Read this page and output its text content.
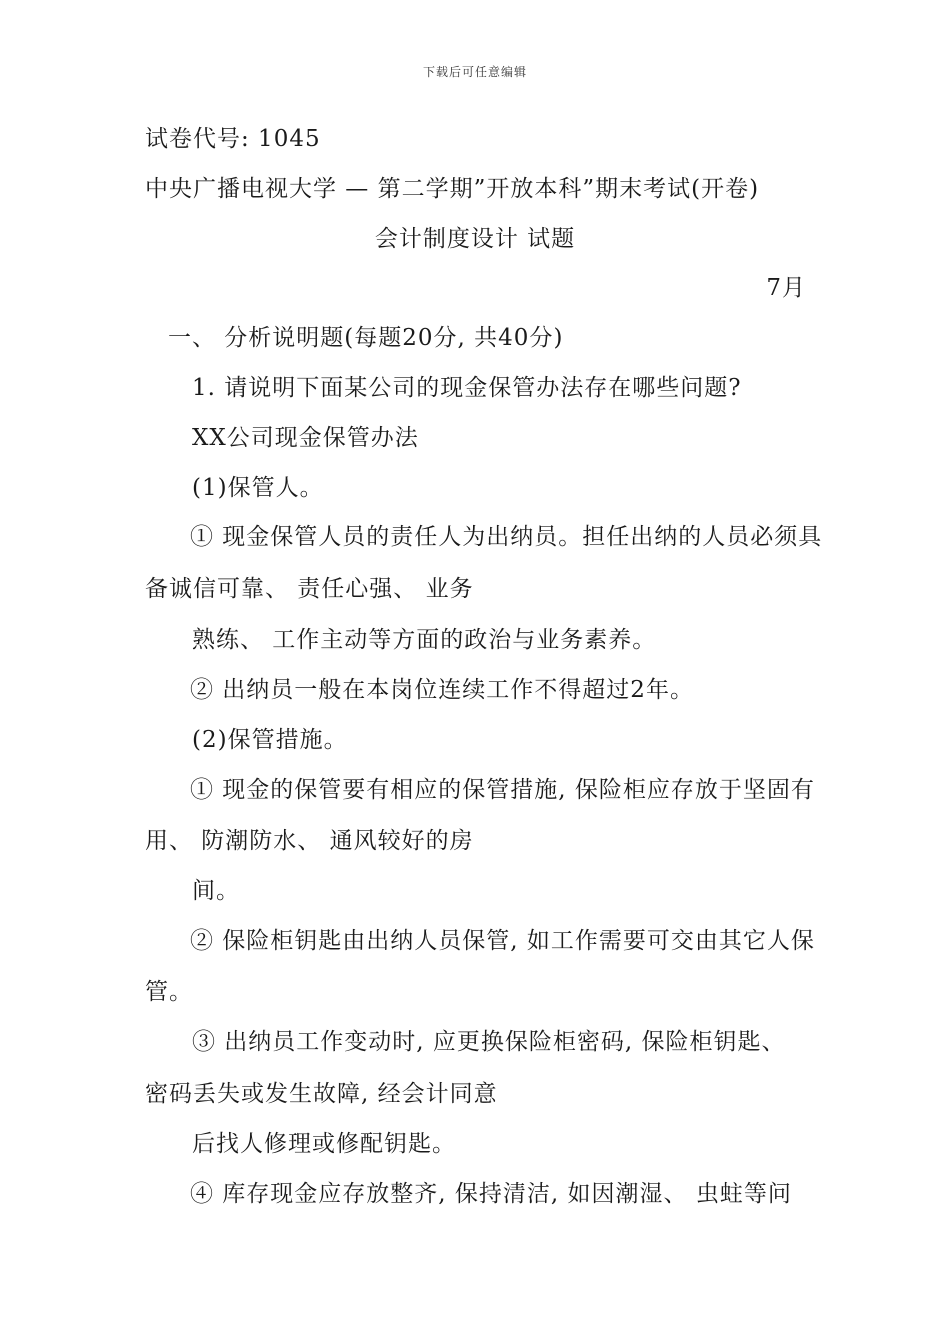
下载后可任意编辑
试卷代号: 1045
中央广播电视大学 — 第二学期”开放本科”期末考试(开卷)
会计制度设计 试题
7月
一、 分析说明题(每题20分, 共40分)
1. 请说明下面某公司的现金保管办法存在哪些问题?
XX公司现金保管办法
(1)保管人。
① 现金保管人员的责任人为出纳员。担任出纳的人员必须具
备诚信可靠、 责任心强、 业务
熟练、 工作主动等方面的政治与业务素养。
② 出纳员一般在本岗位连续工作不得超过2年。
(2)保管措施。
① 现金的保管要有相应的保管措施, 保险柜应存放于坚固有
用、 防潮防水、 通风较好的房
间。
② 保险柜钥匙由出纳人员保管, 如工作需要可交由其它人保
管。
③ 出纳员工作变动时, 应更换保险柜密码, 保险柜钥匙、
密码丢失或发生故障, 经会计同意
后找人修理或修配钥匙。
④ 库存现金应存放整齐, 保持清洁, 如因潮湿、 虫蛀等问
